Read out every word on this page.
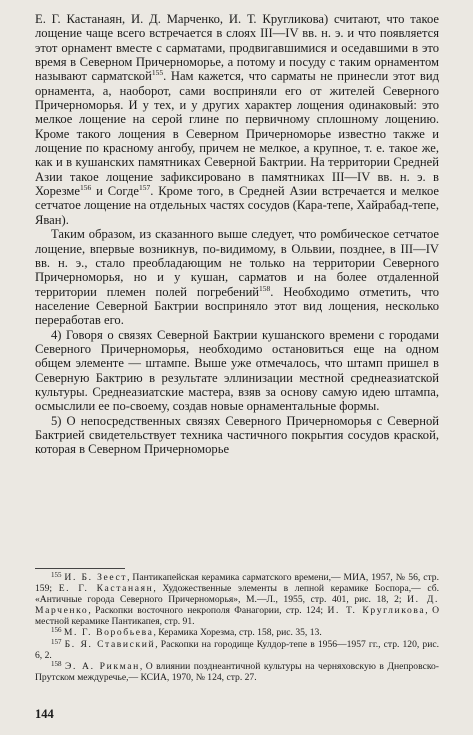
Е. Г. Кастанаян, И. Д. Марченко, И. Т. Кругликова) считают, что такое лощение чаще всего встречается в слоях III—IV вв. н. э. и что появляется этот орнамент вместе с сарматами, продвигавшимися и оседавшими в это время в Северном Причерноморье, а потому и посуду с таким орнаментом называют сарматской$^{155}$. Нам кажется, что сарматы не принесли этот вид орнамента, а, наоборот, сами восприняли его от жителей Северного Причерноморья. И у тех, и у других характер лощения одинаковый: это мелкое лощение на серой глине по первичному сплошному лощению. Кроме такого лощения в Северном Причерноморье известно также и лощение по красному ангобу, причем не мелкое, а крупное, т. е. такое же, как и в кушанских памятниках Северной Бактрии. На территории Средней Азии такое лощение зафиксировано в памятниках III—IV вв. н. э. в Хорезме$^{156}$ и Согде$^{157}$. Кроме того, в Средней Азии встречается и мелкое сетчатое лощение на отдельных частях сосудов (Кара-тепе, Хайрабад-тепе, Яван).

Таким образом, из сказанного выше следует, что ромбическое сетчатое лощение, впервые возникнув, по-видимому, в Ольвии, позднее, в III—IV вв. н. э., стало преобладающим не только на территории Северного Причерноморья, но и у кушан, сарматов и на более отдаленной территории племен полей погребений$^{158}$. Необходимо отметить, что население Северной Бактрии восприняло этот вид лощения, несколько переработав его.

4) Говоря о связях Северной Бактрии кушанского времени с городами Северного Причерноморья, необходимо остановиться еще на одном общем элементе — штампе. Выше уже отмечалось, что штамп пришел в Северную Бактрию в результате эллинизации местной среднеазиатской культуры. Среднеазиатские мастера, взяв за основу самую идею штампа, осмыслили ее по-своему, создав новые орнаментальные формы.

5) О непосредственных связях Северного Причерноморья с Северной Бактрией свидетельствует техника частичного покрытия сосудов краской, которая в Северном Причерноморье

$^{155}$ И. Б. Зеест, Пантикапейская керамика сарматского времени,— МИА, 1957, № 56, стр. 159; Е. Г. Кастанаян, Художественные элементы в лепной керамике Боспора,— сб. «Античные города Северного Причерноморья», М.—Л., 1955, стр. 401, рис. 18, 2; И. Д. Марченко, Раскопки восточного некрополя Фанагории, стр. 124; И. Т. Кругликова, О местной керамике Пантикапея, стр. 91.

$^{156}$ М. Г. Воробьева, Керамика Хорезма, стр. 158, рис. 35, 13.

$^{157}$ Б. Я. Ставиский, Раскопки на городище Кулдор-тепе в 1956—1957 гг., стр. 120, рис. 6, 2.

$^{158}$ Э. А. Рикман, О влиянии позднеантичной культуры на черняховскую в Днепровско-Прутском междуречье,— КСИА, 1970, № 124, стр. 27.

144
